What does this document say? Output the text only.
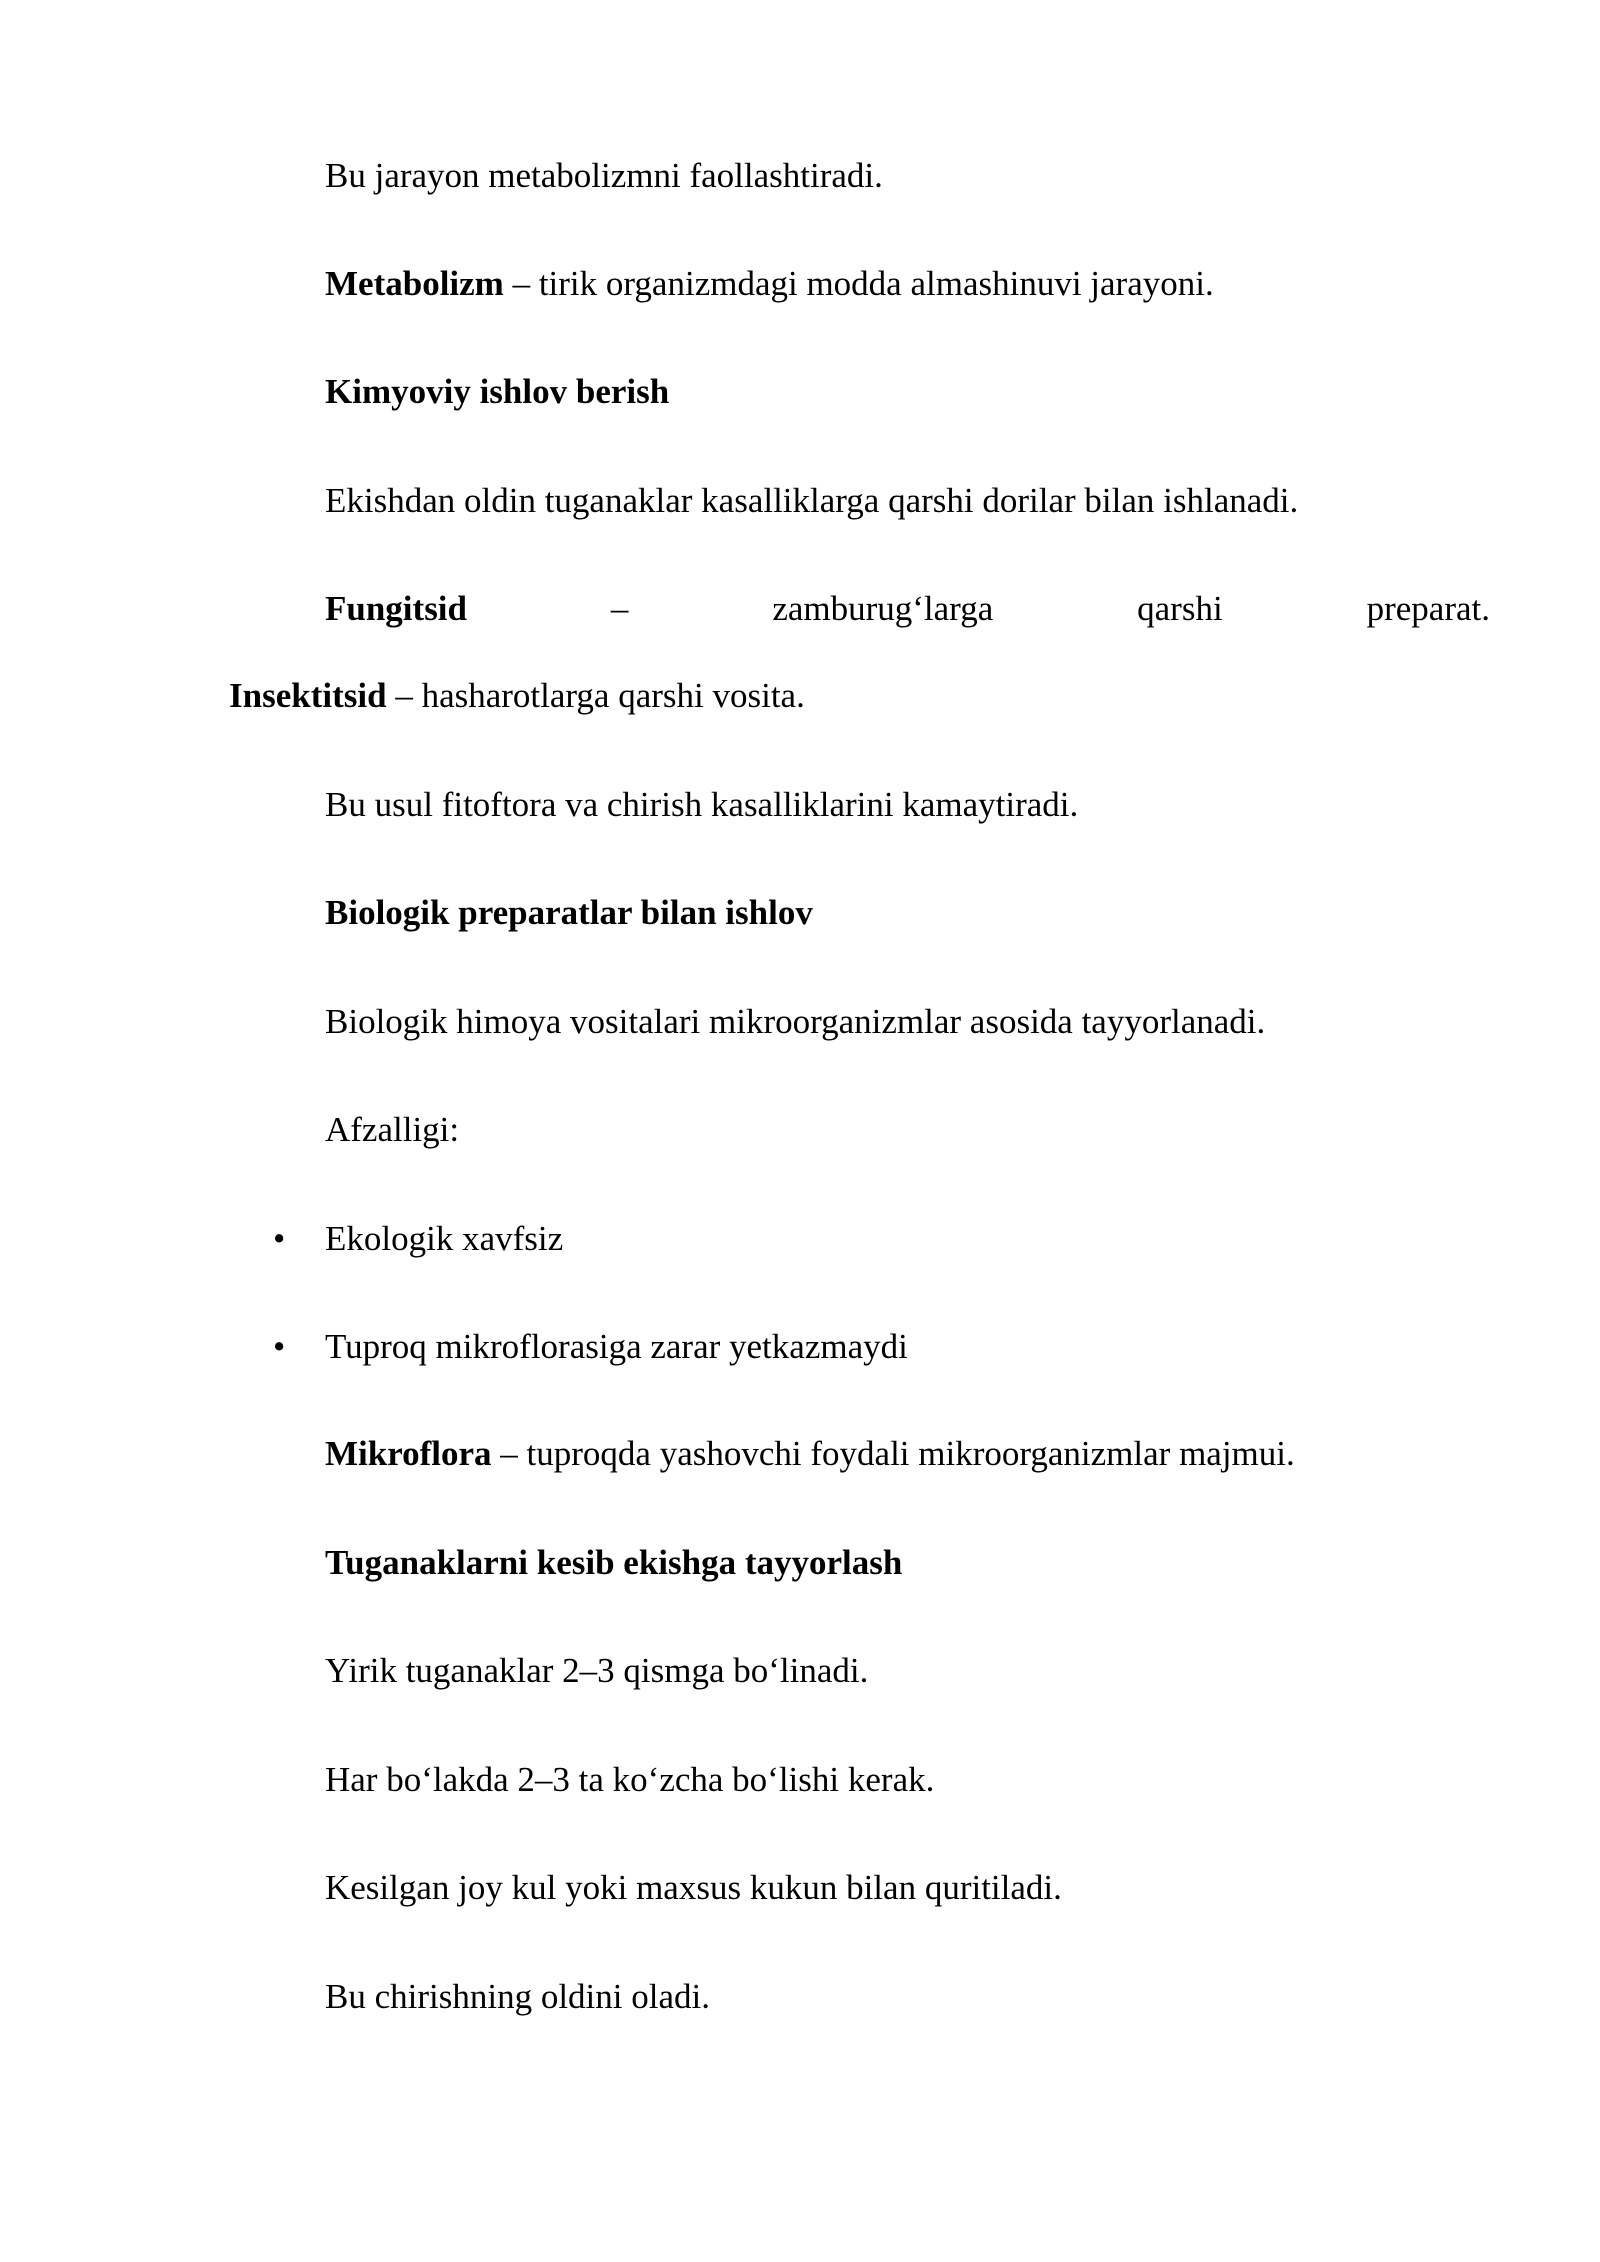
Bu jarayon metabolizmni faollashtiradi.
Metabolizm – tirik organizmdagi modda almashinuvi jarayoni.
Kimyoviy ishlov berish
Ekishdan oldin tuganaklar kasalliklarga qarshi dorilar bilan ishlanadi.
Fungitsid	–	zamburug‘larga	qarshi	preparat.
Insektitsid – hasharotlarga qarshi vosita.
Bu usul fitoftora va chirish kasalliklarini kamaytiradi.
Biologik preparatlar bilan ishlov
Biologik himoya vositalari mikroorganizmlar asosida tayyorlanadi.
Afzalligi:
• Ekologik xavfsiz
• Tuproq mikroflorasiga zarar yetkazmaydi
Mikroflora – tuproqda yashovchi foydali mikroorganizmlar majmui.
Tuganaklarni kesib ekishga tayyorlash
Yirik tuganaklar 2–3 qismga bo‘linadi.
Har bo‘lakda 2–3 ta ko‘zcha bo‘lishi kerak.
Kesilgan joy kul yoki maxsus kukun bilan quritiladi.
Bu chirishning oldini oladi.
